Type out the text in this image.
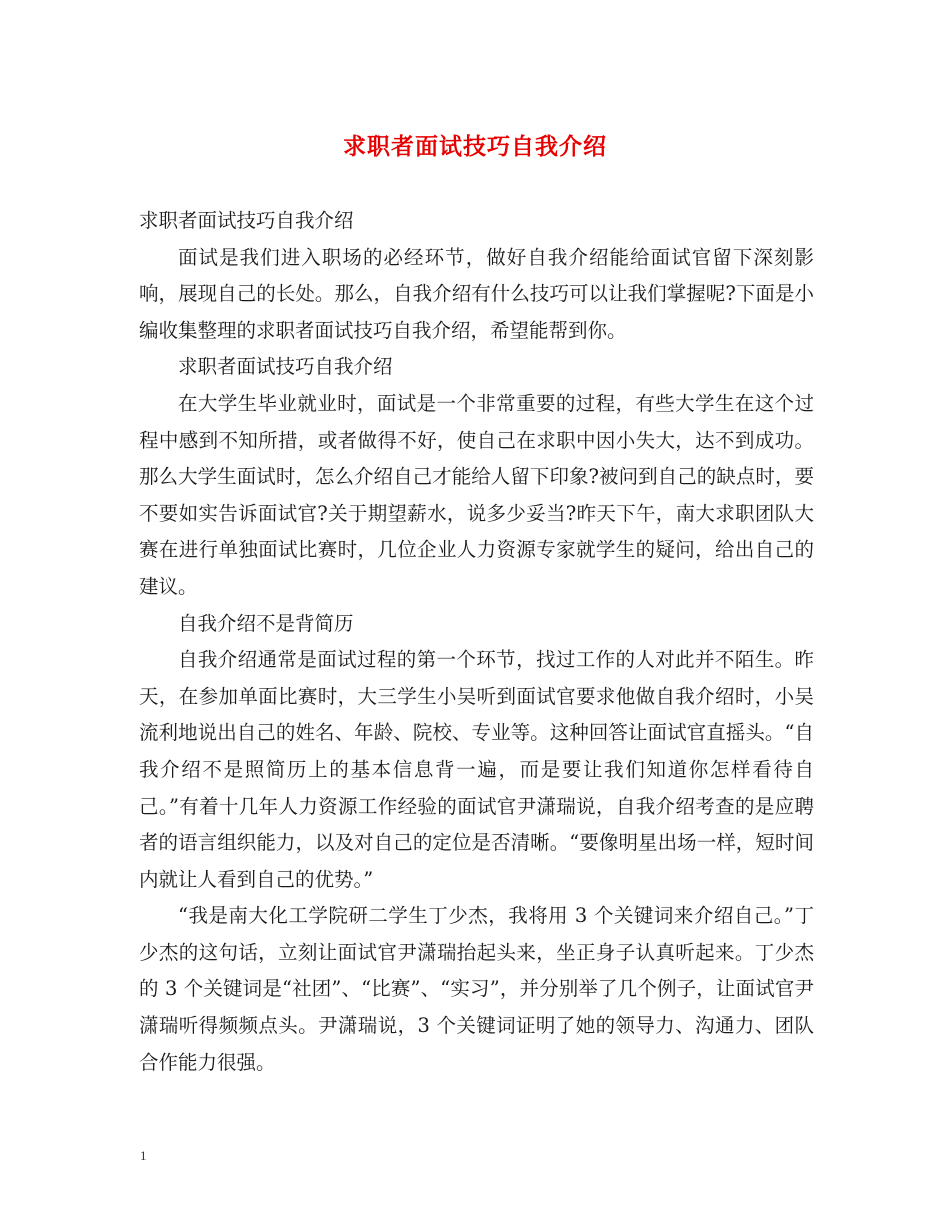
求职者面试技巧自我介绍

求职者面试技巧自我介绍

面试是我们进入职场的必经环节，做好自我介绍能给面试官留下深刻影响，展现自己的长处。那么，自我介绍有什么技巧可以让我们掌握呢?下面是小编收集整理的求职者面试技巧自我介绍，希望能帮到你。

求职者面试技巧自我介绍

在大学生毕业就业时，面试是一个非常重要的过程，有些大学生在这个过程中感到不知所措，或者做得不好，使自己在求职中因小失大，达不到成功。那么大学生面试时，怎么介绍自己才能给人留下印象?被问到自己的缺点时，要不要如实告诉面试官?关于期望薪水，说多少妥当?昨天下午，南大求职团队大赛在进行单独面试比赛时，几位企业人力资源专家就学生的疑问，给出自己的建议。

自我介绍不是背简历

自我介绍通常是面试过程的第一个环节，找过工作的人对此并不陌生。昨天，在参加单面比赛时，大三学生小吴听到面试官要求他做自我介绍时，小吴流利地说出自己的姓名、年龄、院校、专业等。这种回答让面试官直摇头。“自我介绍不是照简历上的基本信息背一遍，而是要让我们知道你怎样看待自己。”有着十几年人力资源工作经验的面试官尹潇瑞说，自我介绍考查的是应聘者的语言组织能力，以及对自己的定位是否清晰。“要像明星出场一样，短时间内就让人看到自己的优势。”

“我是南大化工学院研二学生丁少杰，我将用 3 个关键词来介绍自己。”丁少杰的这句话，立刻让面试官尹潇瑞抬起头来，坐正身子认真听起来。丁少杰的 3 个关键词是“社团”、“比赛”、“实习”，并分别举了几个例子，让面试官尹潇瑞听得频频点头。尹潇瑞说，3 个关键词证明了她的领导力、沟通力、团队合作能力很强。

1
